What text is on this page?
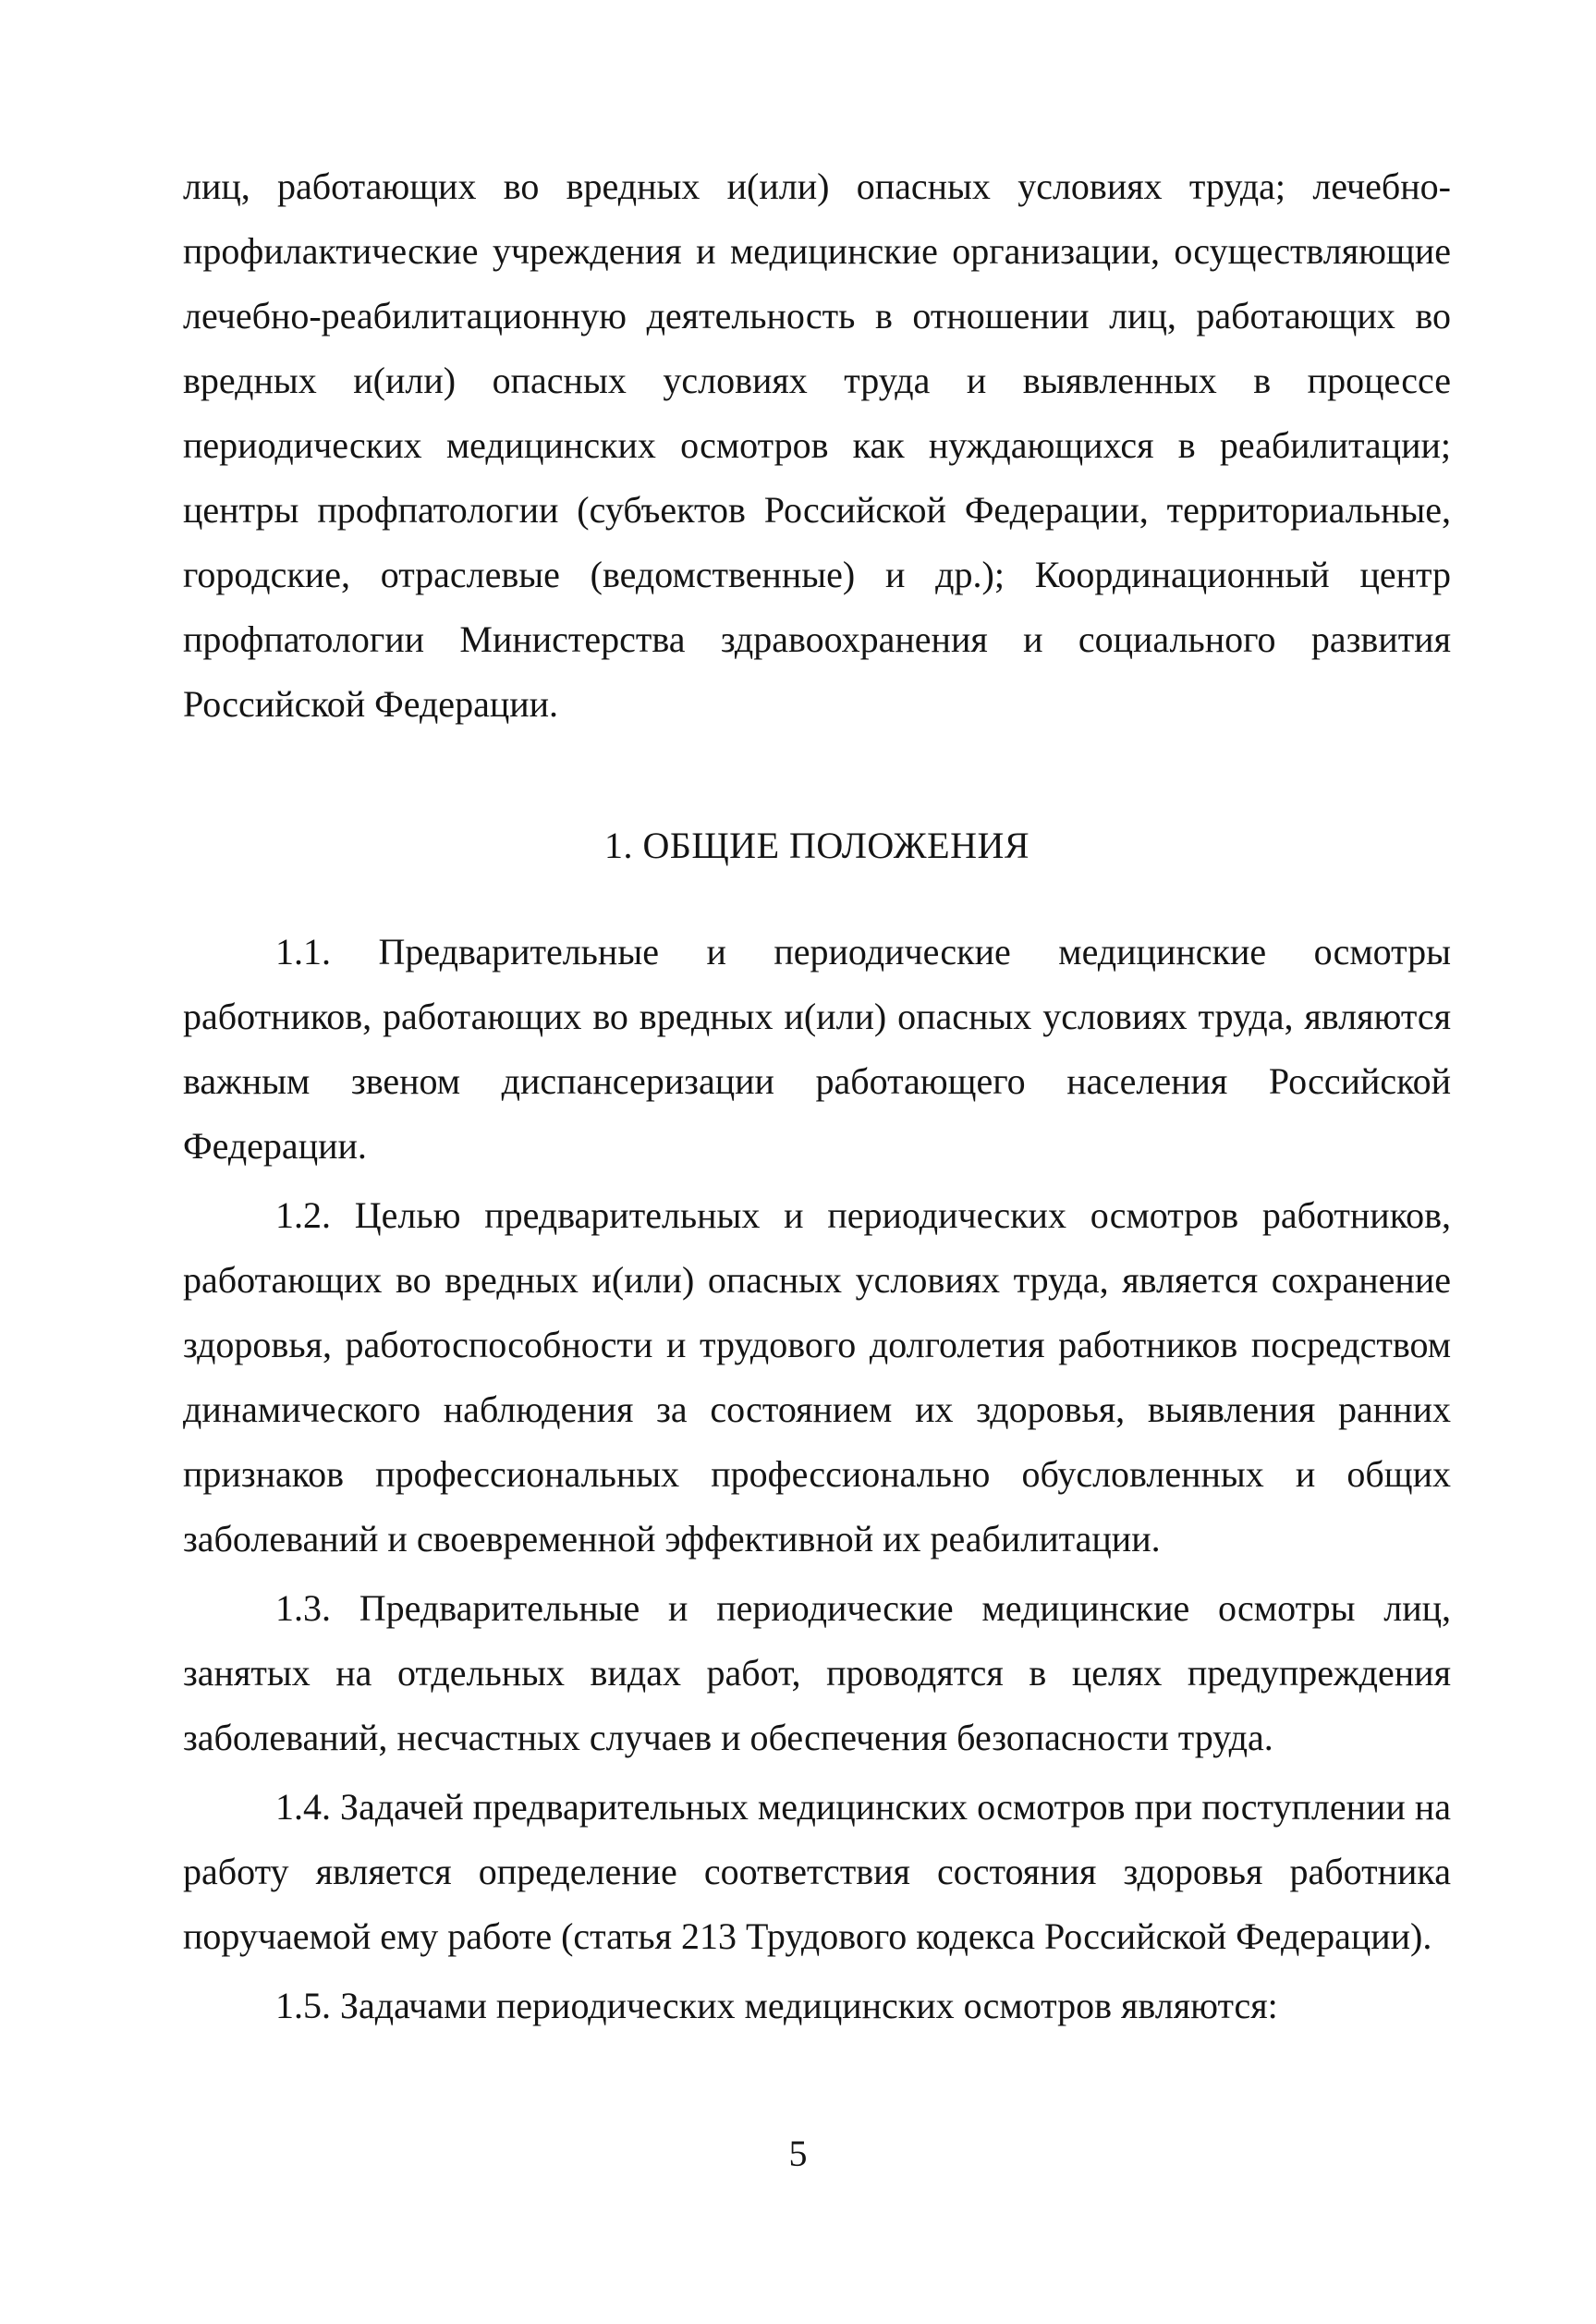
лиц, работающих во вредных и(или) опасных условиях труда; лечебно-профилактические учреждения и медицинские организации, осуществляющие лечебно-реабилитационную деятельность в отношении лиц, работающих во вредных и(или) опасных условиях труда и выявленных в процессе периодических медицинских осмотров как нуждающихся в реабилитации; центры профпатологии (субъектов Российской Федерации, территориальные, городские, отраслевые (ведомственные) и др.); Координационный центр профпатологии Министерства здравоохранения и социального развития Российской Федерации.

1. ОБЩИЕ ПОЛОЖЕНИЯ

1.1. Предварительные и периодические медицинские осмотры работников, работающих во вредных и(или) опасных условиях труда, являются важным звеном диспансеризации работающего населения Российской Федерации.

1.2. Целью предварительных и периодических осмотров работников, работающих во вредных и(или) опасных условиях труда, является сохранение здоровья, работоспособности и трудового долголетия работников посредством динамического наблюдения за состоянием их здоровья, выявления ранних признаков профессиональных профессионально обусловленных и общих заболеваний и своевременной эффективной их реабилитации.

1.3. Предварительные и периодические медицинские осмотры лиц, занятых на отдельных видах работ, проводятся в целях предупреждения заболеваний, несчастных случаев и обеспечения безопасности труда.

1.4. Задачей предварительных медицинских осмотров при поступлении на работу является определение соответствия состояния здоровья работника поручаемой ему работе (статья 213 Трудового кодекса Российской Федерации).

1.5. Задачами периодических медицинских осмотров являются:

5
